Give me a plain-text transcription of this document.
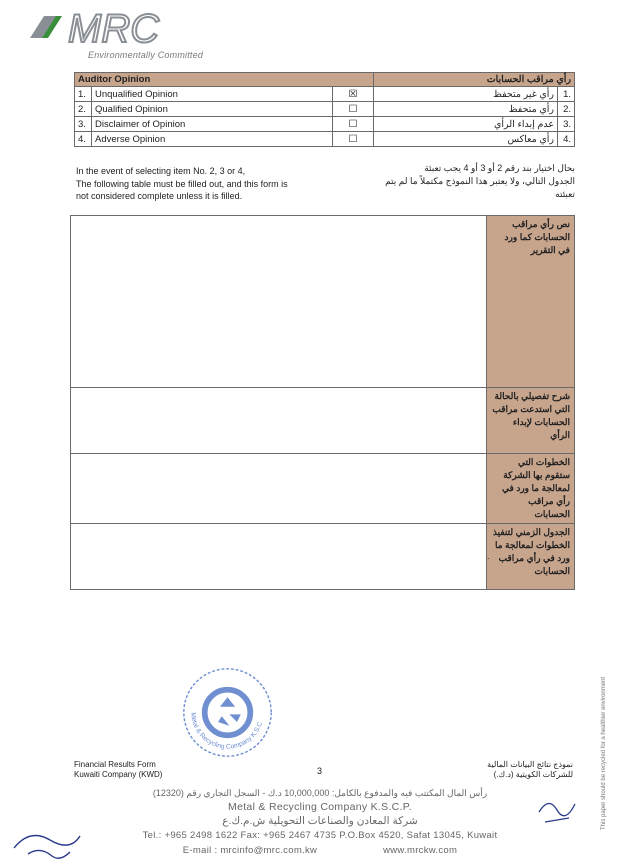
MRC
Environmentally Committed
Auditor Opinion			رأي مراقب الحسابات	
1.	Unqualified Opinion	☒	رأي غير متحفظ	.1
2.	Qualified Opinion	☐	رأي متحفظ	.2
3.	Disclaimer of Opinion	☐	عدم إبداء الرأي	.3
4.	Adverse Opinion	☐	رأي معاكس	.4
In the event of selecting item No. 2, 3 or 4,
The following table must be filled out, and this form is
not considered complete unless it is filled.
بحال اختيار بند رقم 2 أو 3 أو 4 يجب تعبئة
الجدول التالي، ولا يعتبر هذا النموذج مكتملاً ما لم يتم تعبئته
	نص رأي مراقب الحسابات كما ورد في التقرير
	شرح تفصيلي بالحالة التي استدعت مراقب الحسابات لإبداء الرأي
	الخطوات التي ستقوم بها الشركة لمعالجة ما ورد في رأي مراقب الحسابات
	الجدول الزمني لتنفيذ الخطوات لمعالجة ما ورد في رأي مراقب الحسابات
.
Metal & Recycling Company K.S.C
Financial Results Form
Kuwaiti Company (KWD)	3
نموذج نتائج البيانات المالية
للشركات الكويتية (د.ك.)
رأس المال المكتتب فيه والمدفوع بالكامل: 10,000,000 د.ك - السجل التجاري رقم (12320)
Metal & Recycling Company K.S.C.P.
شركة المعادن والصناعات التحويلية ش.م.ك.ع
Tel.: +965 2498 1622 Fax: +965 2467 4735 P.O.Box 4520, Safat 13045, Kuwait
E-mail : mrcinfo@mrc.com.kw	www.mrckw.com
This paper should be recycled for a healthier environment
